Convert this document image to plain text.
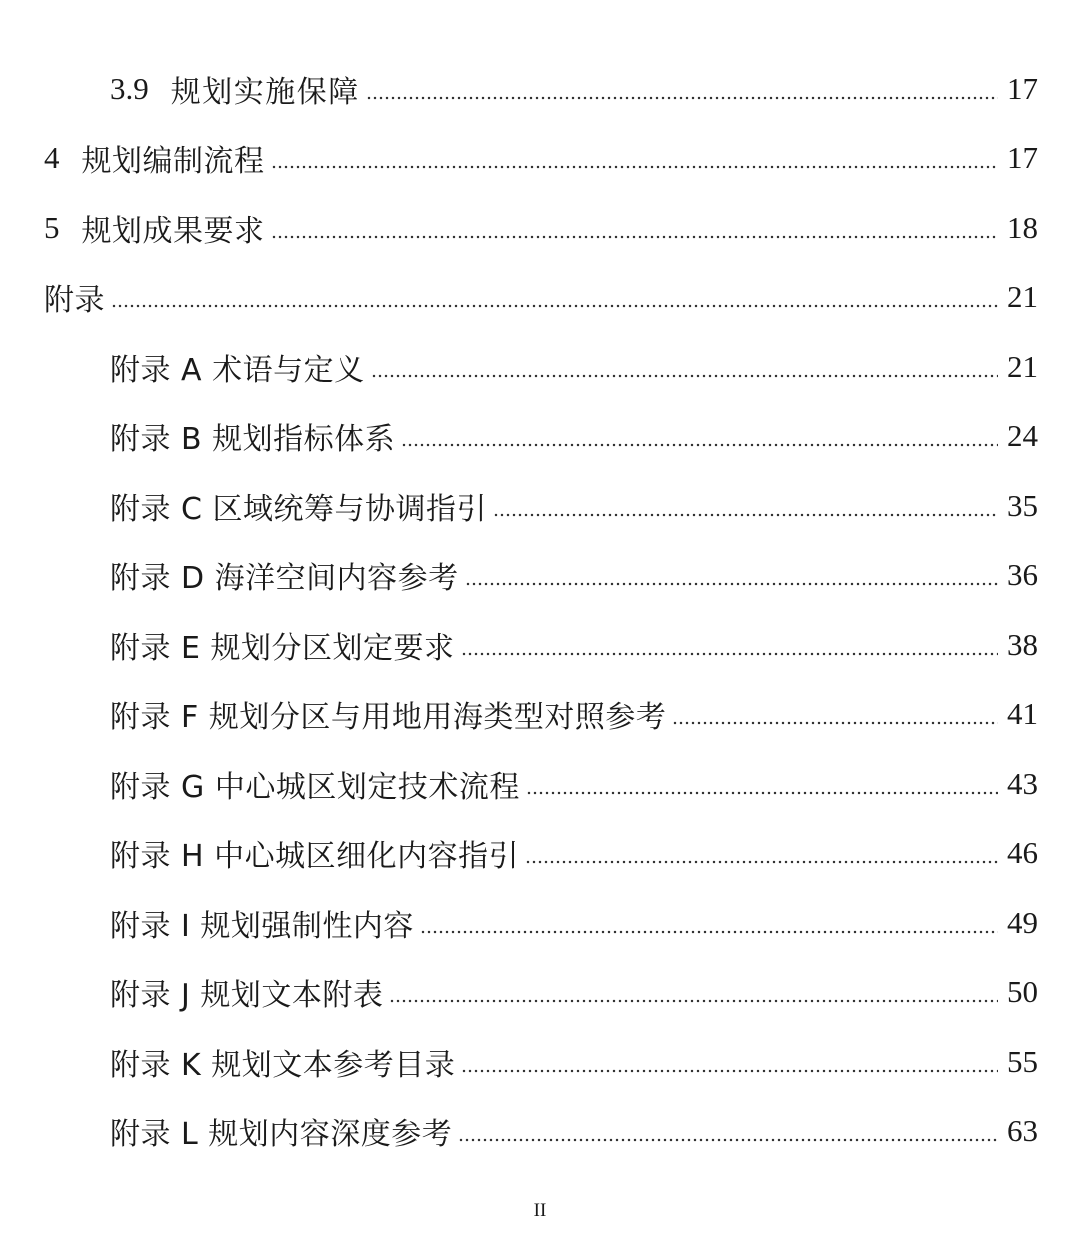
3.9 规划实施保障	17
4 规划编制流程	17
5 规划成果要求	18
附录	21
附录 A 术语与定义	21
附录 B 规划指标体系	24
附录 C 区域统筹与协调指引	35
附录 D 海洋空间内容参考	36
附录 E 规划分区划定要求	38
附录 F 规划分区与用地用海类型对照参考	41
附录 G 中心城区划定技术流程	43
附录 H 中心城区细化内容指引	46
附录 I 规划强制性内容	49
附录 J 规划文本附表	50
附录 K 规划文本参考目录	55
附录 L 规划内容深度参考	63
II
